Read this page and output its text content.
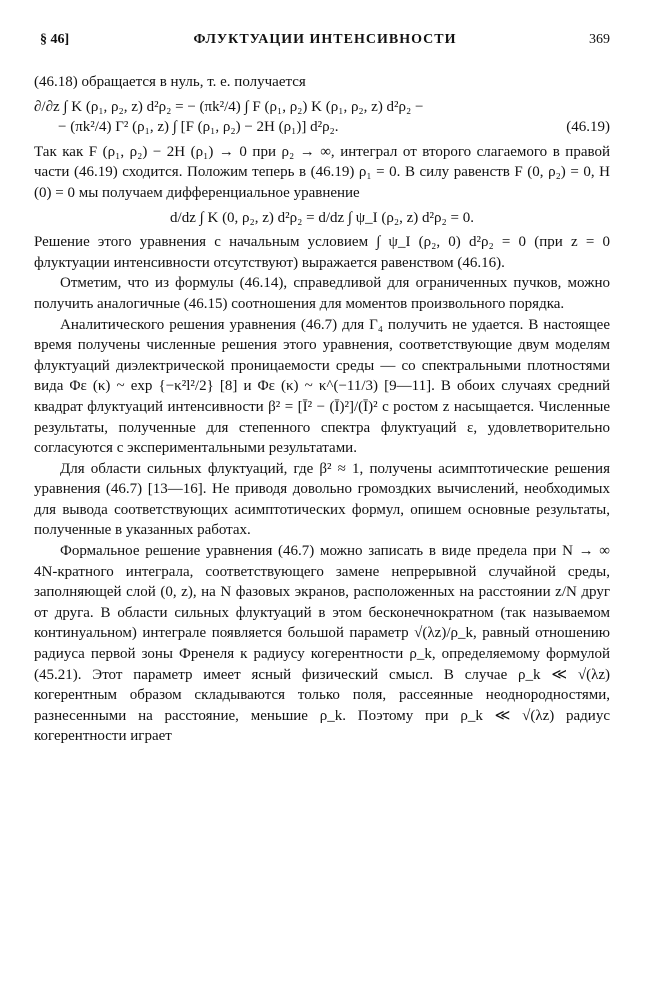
§ 46]	ФЛУКТУАЦИИ ИНТЕНСИВНОСТИ	369

(46.18) обращается в нуль, т. е. получается

∂/∂z ∫ K (ρ₁, ρ₂, z) d²ρ₂ = − (πk²/4) ∫ F (ρ₁, ρ₂) K (ρ₁, ρ₂, z) d²ρ₂ −

− (πk²/4) Γ² (ρ₁, z) ∫ [F (ρ₁, ρ₂) − 2H (ρ₁)] d²ρ₂.	(46.19)

Так как F (ρ₁, ρ₂) − 2H (ρ₁) → 0 при ρ₂ → ∞, интеграл от второго слагаемого в правой части (46.19) сходится. Положим теперь в (46.19) ρ₁ = 0. В силу равенств F (0, ρ₂) = 0, H (0) = 0 мы получаем дифференциальное уравнение

d/dz ∫ K (0, ρ₂, z) d²ρ₂ = d/dz ∫ ψ_I (ρ₂, z) d²ρ₂ = 0.

Решение этого уравнения с начальным условием ∫ ψ_I (ρ₂, 0) d²ρ₂ = 0 (при z = 0 флуктуации интенсивности отсутствуют) выражается равенством (46.16).

Отметим, что из формулы (46.14), справедливой для ограниченных пучков, можно получить аналогичные (46.15) соотношения для моментов произвольного порядка.

Аналитического решения уравнения (46.7) для Γ₄ получить не удается. В настоящее время получены численные решения этого уравнения, соответствующие двум моделям флуктуаций диэлектрической проницаемости среды — со спектральными плотностями вида Φε (κ) ~ exp {−κ²l²/2} [8] и Φε (κ) ~ κ^(−11/3) [9—11]. В обоих случаях средний квадрат флуктуаций интенсивности β² = [Ī² − (Ī)²]/(Ī)² с ростом z насыщается. Численные результаты, полученные для степенного спектра флуктуаций ε, удовлетворительно согласуются с экспериментальными результатами.

Для области сильных флуктуаций, где β² ≈ 1, получены асимптотические решения уравнения (46.7) [13—16]. Не приводя довольно громоздких вычислений, необходимых для вывода соответствующих асимптотических формул, опишем основные результаты, полученные в указанных работах.

Формальное решение уравнения (46.7) можно записать в виде предела при N → ∞ 4N-кратного интеграла, соответствующего замене непрерывной случайной среды, заполняющей слой (0, z), на N фазовых экранов, расположенных на расстоянии z/N друг от друга. В области сильных флуктуаций в этом бесконечнократном (так называемом континуальном) интеграле появляется большой параметр √(λz)/ρ_k, равный отношению радиуса первой зоны Френеля к радиусу когерентности ρ_k, определяемому формулой (45.21). Этот параметр имеет ясный физический смысл. В случае ρ_k ≪ √(λz) когерентным образом складываются только поля, рассеянные неоднородностями, разнесенными на расстояние, меньшие ρ_k. Поэтому при ρ_k ≪ √(λz) радиус когерентности играет
